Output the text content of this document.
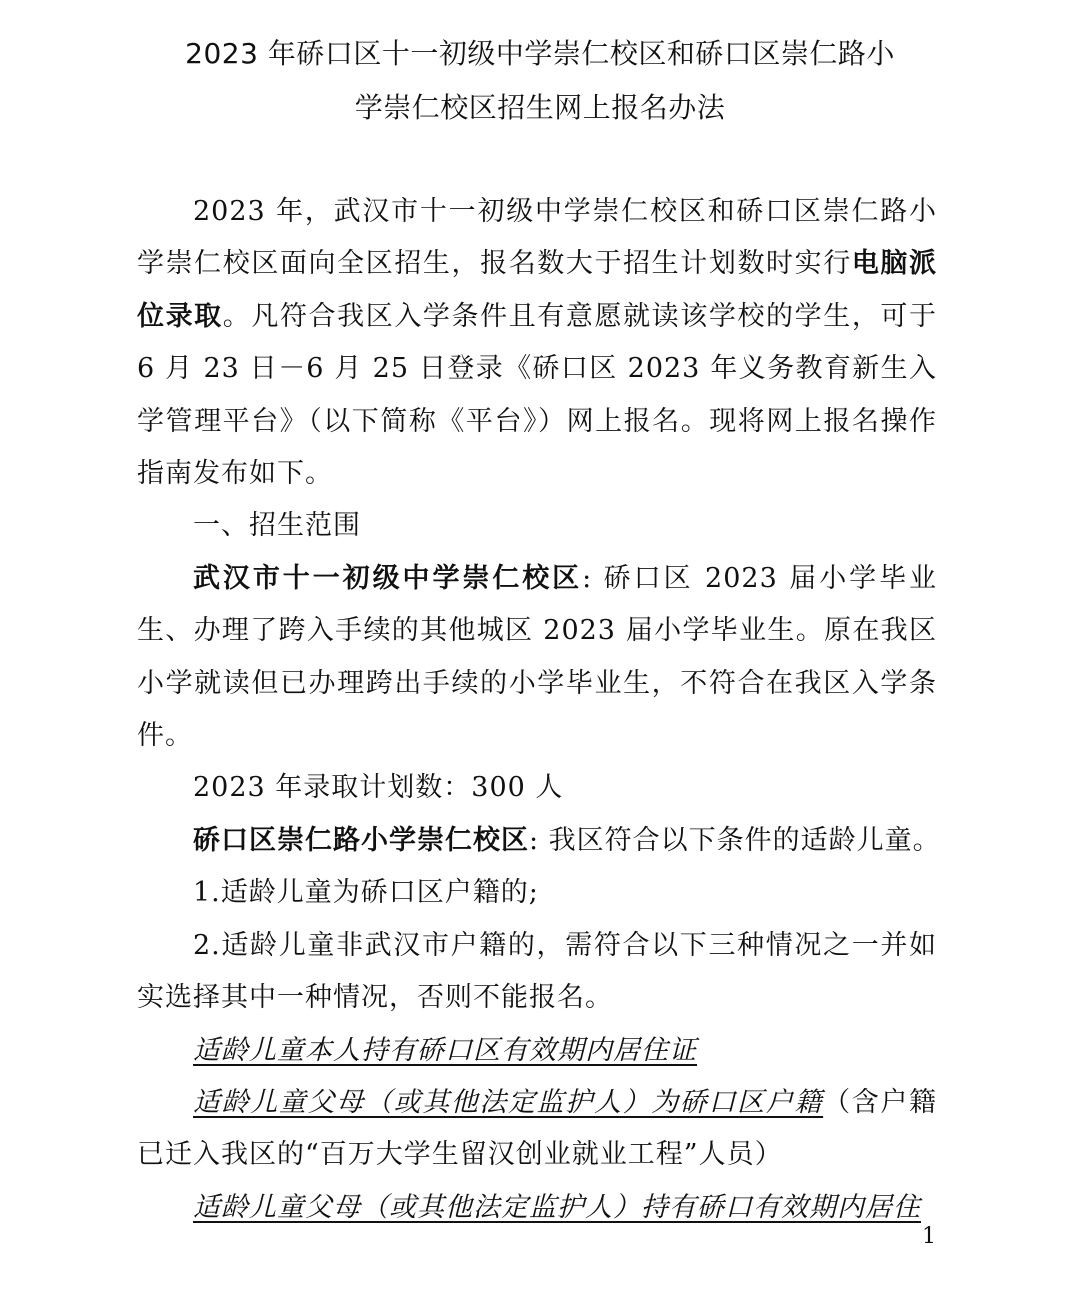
2023 年硚口区十一初级中学崇仁校区和硚口区崇仁路小
学崇仁校区招生网上报名办法
2023 年，武汉市十一初级中学崇仁校区和硚口区崇仁路小学崇仁校区面向全区招生，报名数大于招生计划数时实行电脑派位录取。凡符合我区入学条件且有意愿就读该学校的学生，可于 6 月 23 日－6 月 25 日登录《硚口区 2023 年义务教育新生入学管理平台》（以下简称《平台》）网上报名。现将网上报名操作指南发布如下。
一、招生范围
武汉市十一初级中学崇仁校区: 硚口区 2023 届小学毕业生、办理了跨入手续的其他城区 2023 届小学毕业生。原在我区小学就读但已办理跨出手续的小学毕业生，不符合在我区入学条件。
2023 年录取计划数：300 人
硚口区崇仁路小学崇仁校区: 我区符合以下条件的适龄儿童。
1.适龄儿童为硚口区户籍的;
2.适龄儿童非武汉市户籍的，需符合以下三种情况之一并如实选择其中一种情况，否则不能报名。
适龄儿童本人持有硚口区有效期内居住证
适龄儿童父母（或其他法定监护人）为硚口区户籍（含户籍已迁入我区的“百万大学生留汉创业就业工程”人员）
适龄儿童父母（或其他法定监护人）持有硚口有效期内居住
1
